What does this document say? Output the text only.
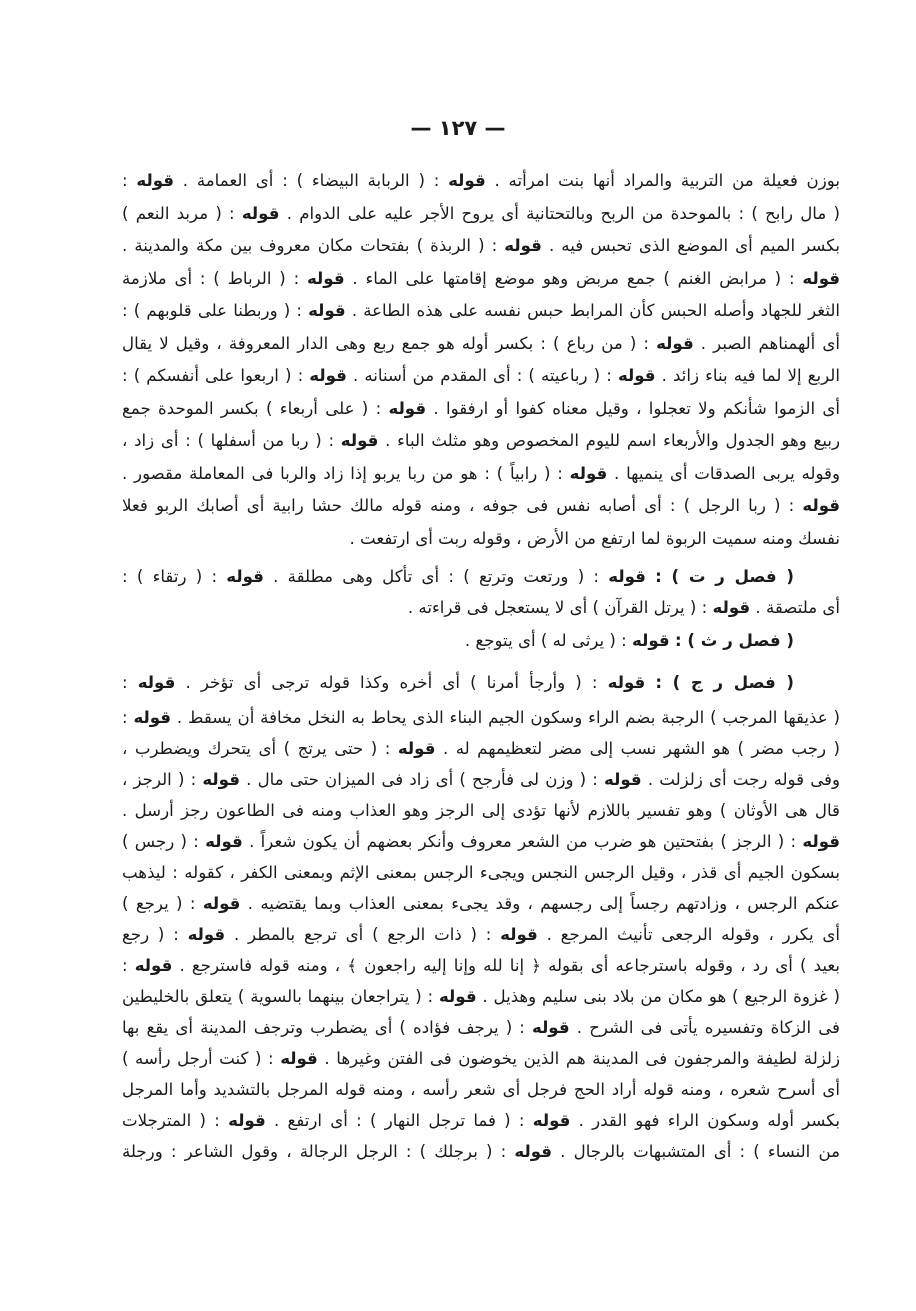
— ١٢٧ —
بوزن فعيلة من التربية والمراد أنها بنت امرأته . قوله : ( الربابة البيضاء ) : أى العمامة . قوله :
( مال رابح ) : بالموحدة من الربح وبالتحتانية أى يروح الأجر عليه على الدوام . قوله : ( مربد النعم )
بكسر الميم أى الموضع الذى تحبس فيه . قوله : ( الربذة ) بفتحات مكان معروف بين مكة والمدينة .
قوله : ( مرابض الغنم ) جمع مربض وهو موضع إقامتها على الماء . قوله : ( الرباط ) : أى ملازمة
الثغر للجهاد وأصله الحبس كأن المرابط حبس نفسه على هذه الطاعة . قوله : ( وربطنا على قلوبهم ) :
أى ألهمناهم الصبر . قوله : ( من رباع ) : بكسر أوله هو جمع ربع وهى الدار المعروفة ، وقيل لا يقال
الربع إلا لما فيه بناء زائد . قوله : ( رباعيته ) : أى المقدم من أسنانه . قوله : ( اربعوا على أنفسكم ) :
أى الزموا شأنكم ولا تعجلوا ، وقيل معناه كفوا أو ارفقوا . قوله : ( على أربعاء ) بكسر الموحدة جمع
ربيع وهو الجدول والأربعاء اسم لليوم المخصوص وهو مثلث الباء . قوله : ( ربا من أسفلها ) : أى زاد ،
وقوله يربى الصدقات أى ينميها . قوله : ( رابياً ) : هو من ربا يربو إذا زاد والربا فى المعاملة مقصور .
قوله : ( ربا الرجل ) : أى أصابه نفس فى جوفه ، ومنه قوله مالك حشا رابية أى أصابك الربو فعلا
نفسك ومنه سميت الربوة لما ارتفع من الأرض ، وقوله ربت أى ارتفعت .
( فصل ر ت ) : قوله : ( ورتعت وترتع ) : أى تأكل وهى مطلقة . قوله : ( رتقاء ) :
أى ملتصقة . قوله : ( يرتل القرآن ) أى لا يستعجل فى قراءته .
( فصل ر ث ) : قوله : ( يرثى له ) أى يتوجع .
( فصل ر ج ) : قوله : ( وأرجأ أمرنا ) أى أخره وكذا قوله ترجى أى تؤخر . قوله :
( عذيقها المرجب ) الرجبة بضم الراء وسكون الجيم البناء الذى يحاط به النخل مخافة أن يسقط . قوله :
( رجب مضر ) هو الشهر نسب إلى مضر لتعظيمهم له . قوله : ( حتى يرتج ) أى يتحرك ويضطرب ،
وفى قوله رجت أى زلزلت . قوله : ( وزن لى فأرجح ) أى زاد فى الميزان حتى مال . قوله : ( الرجز ،
قال هى الأوثان ) وهو تفسير باللازم لأنها تؤدى إلى الرجز وهو العذاب ومنه فى الطاعون رجز أرسل .
قوله : ( الرجز ) بفتحتين هو ضرب من الشعر معروف وأنكر بعضهم أن يكون شعراً . قوله : ( رجس )
بسكون الجيم أى قذر ، وقيل الرجس النجس ويجىء الرجس بمعنى الإثم وبمعنى الكفر ، كقوله : ليذهب
عنكم الرجس ، وزادتهم رجساً إلى رجسهم ، وقد يجىء بمعنى العذاب وبما يقتضيه . قوله : ( يرجع )
أى يكرر ، وقوله الرجعى تأنيث المرجع . قوله : ( ذات الرجع ) أى ترجع بالمطر . قوله : ( رجع
بعيد ) أى رد ، وقوله باسترجاعه أى بقوله ﴿ إنا لله وإنا إليه راجعون ﴾ ، ومنه قوله فاسترجع . قوله :
( غزوة الرجيع ) هو مكان من بلاد بنى سليم وهذيل . قوله : ( يتراجعان بينهما بالسوية ) يتعلق بالخليطين
فى الزكاة وتفسيره يأتى فى الشرح . قوله : ( يرجف فؤاده ) أى يضطرب وترجف المدينة أى يقع بها
زلزلة لطيفة والمرجفون فى المدينة هم الذين يخوضون فى الفتن وغيرها . قوله : ( كنت أرجل رأسه )
أى أسرح شعره ، ومنه قوله أراد الحج فرجل أى شعر رأسه ، ومنه قوله المرجل بالتشديد وأما المرجل
بكسر أوله وسكون الراء فهو القدر . قوله : ( فما ترجل النهار ) : أى ارتفع . قوله : ( المترجلات
من النساء ) : أى المتشبهات بالرجال . قوله : ( برجلك ) : الرجل الرجالة ، وقول الشاعر : ورجلة
